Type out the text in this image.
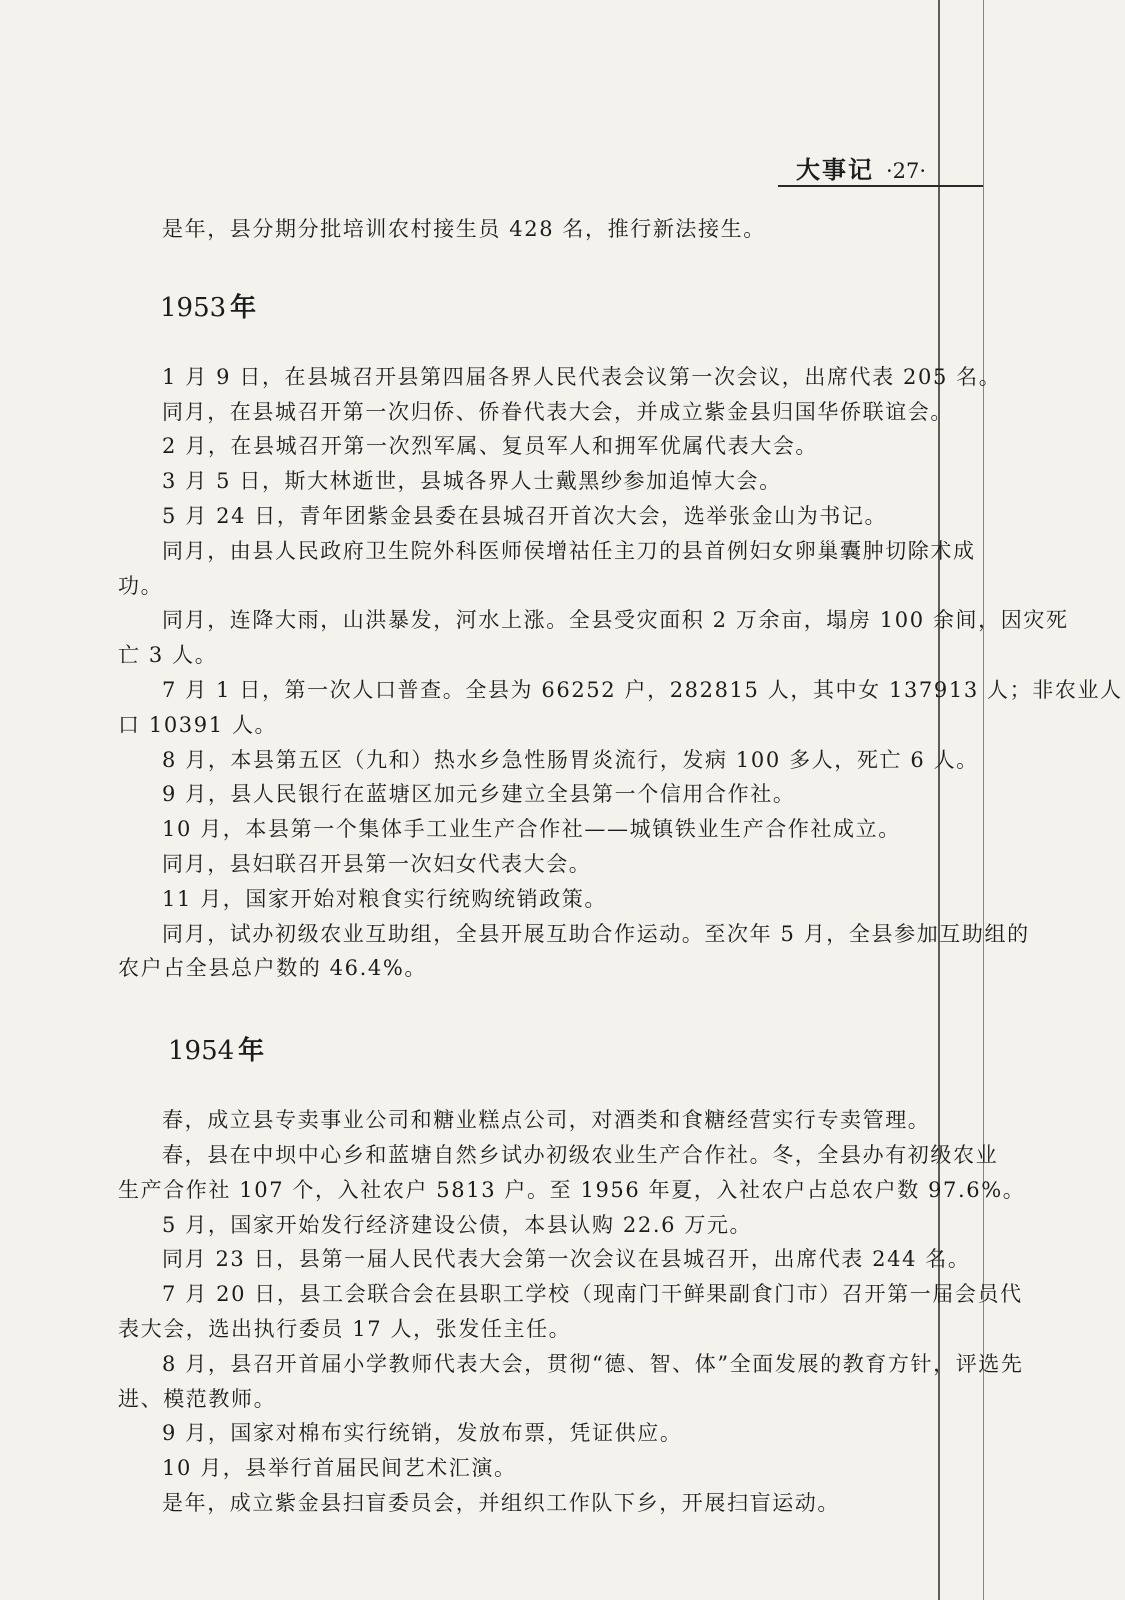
大事记 ·27·

是年，县分期分批培训农村接生员 428 名，推行新法接生。

1953 年

1 月 9 日，在县城召开县第四届各界人民代表会议第一次会议，出席代表 205 名。

同月，在县城召开第一次归侨、侨眷代表大会，并成立紫金县归国华侨联谊会。

2 月，在县城召开第一次烈军属、复员军人和拥军优属代表大会。

3 月 5 日，斯大林逝世，县城各界人士戴黑纱参加追悼大会。

5 月 24 日，青年团紫金县委在县城召开首次大会，选举张金山为书记。

同月，由县人民政府卫生院外科医师侯增祜任主刀的县首例妇女卵巢囊肿切除术成

功。

同月，连降大雨，山洪暴发，河水上涨。全县受灾面积 2 万余亩，塌房 100 余间，因灾死

亡 3 人。

7 月 1 日，第一次人口普查。全县为 66252 户，282815 人，其中女 137913 人；非农业人

口 10391 人。

8 月，本县第五区（九和）热水乡急性肠胃炎流行，发病 100 多人，死亡 6 人。

9 月，县人民银行在蓝塘区加元乡建立全县第一个信用合作社。

10 月，本县第一个集体手工业生产合作社——城镇铁业生产合作社成立。

同月，县妇联召开县第一次妇女代表大会。

11 月，国家开始对粮食实行统购统销政策。

同月，试办初级农业互助组，全县开展互助合作运动。至次年 5 月，全县参加互助组的

农户占全县总户数的 46.4%。

1954 年

春，成立县专卖事业公司和糖业糕点公司，对酒类和食糖经营实行专卖管理。

春，县在中坝中心乡和蓝塘自然乡试办初级农业生产合作社。冬，全县办有初级农业

生产合作社 107 个，入社农户 5813 户。至 1956 年夏，入社农户占总农户数 97.6%。

5 月，国家开始发行经济建设公债，本县认购 22.6 万元。

同月 23 日，县第一届人民代表大会第一次会议在县城召开，出席代表 244 名。

7 月 20 日，县工会联合会在县职工学校（现南门干鲜果副食门市）召开第一届会员代

表大会，选出执行委员 17 人，张发任主任。

8 月，县召开首届小学教师代表大会，贯彻“德、智、体”全面发展的教育方针，评选先

进、模范教师。

9 月，国家对棉布实行统销，发放布票，凭证供应。

10 月，县举行首届民间艺术汇演。

是年，成立紫金县扫盲委员会，并组织工作队下乡，开展扫盲运动。
